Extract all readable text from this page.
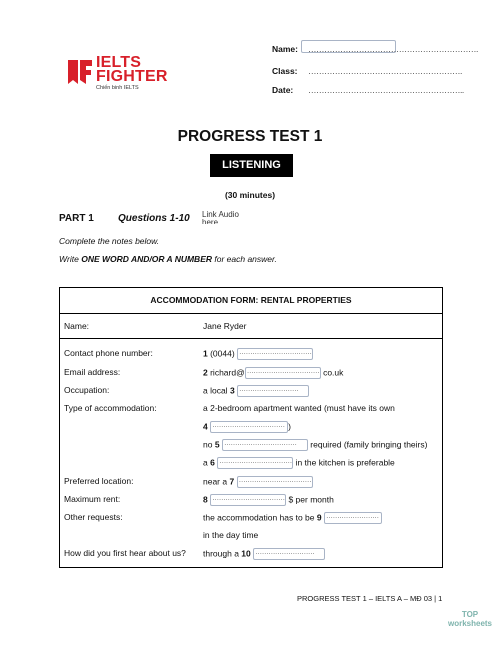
IELTS
FIGHTER
Chiến binh IELTS
Name: ……………………………………………………….
Class: ………………………………………………….
Date: …………………………………………………..
PROGRESS TEST 1
LISTENING
(30 minutes)
PART 1 Questions 1-10 Link Audio here
Complete the notes below.
Write ONE WORD AND/OR A NUMBER for each answer.
ACCOMMODATION FORM: RENTAL PROPERTIES
Name:	Jane Ryder
Contact phone number:	1 (0044) ……………………………
Email address:	2 richard@ …………………………… co.uk
Occupation:	a local 3 ………………………
Type of accommodation:	a 2-bedroom apartment wanted (must have its own
4 …………………………… )
no 5 …………………………… required (family bringing theirs)
a 6 …………………………… in the kitchen is preferable
Preferred location:	near a 7 ……………………………
Maximum rent:	8 …………………………… $ per month
Other requests:	the accommodation has to be 9 ……………………
in the day time
How did you first hear about us? through a 10 ………………………
PROGRESS TEST 1 – IELTS A – MĐ 03 | 1
TOP
worksheets
